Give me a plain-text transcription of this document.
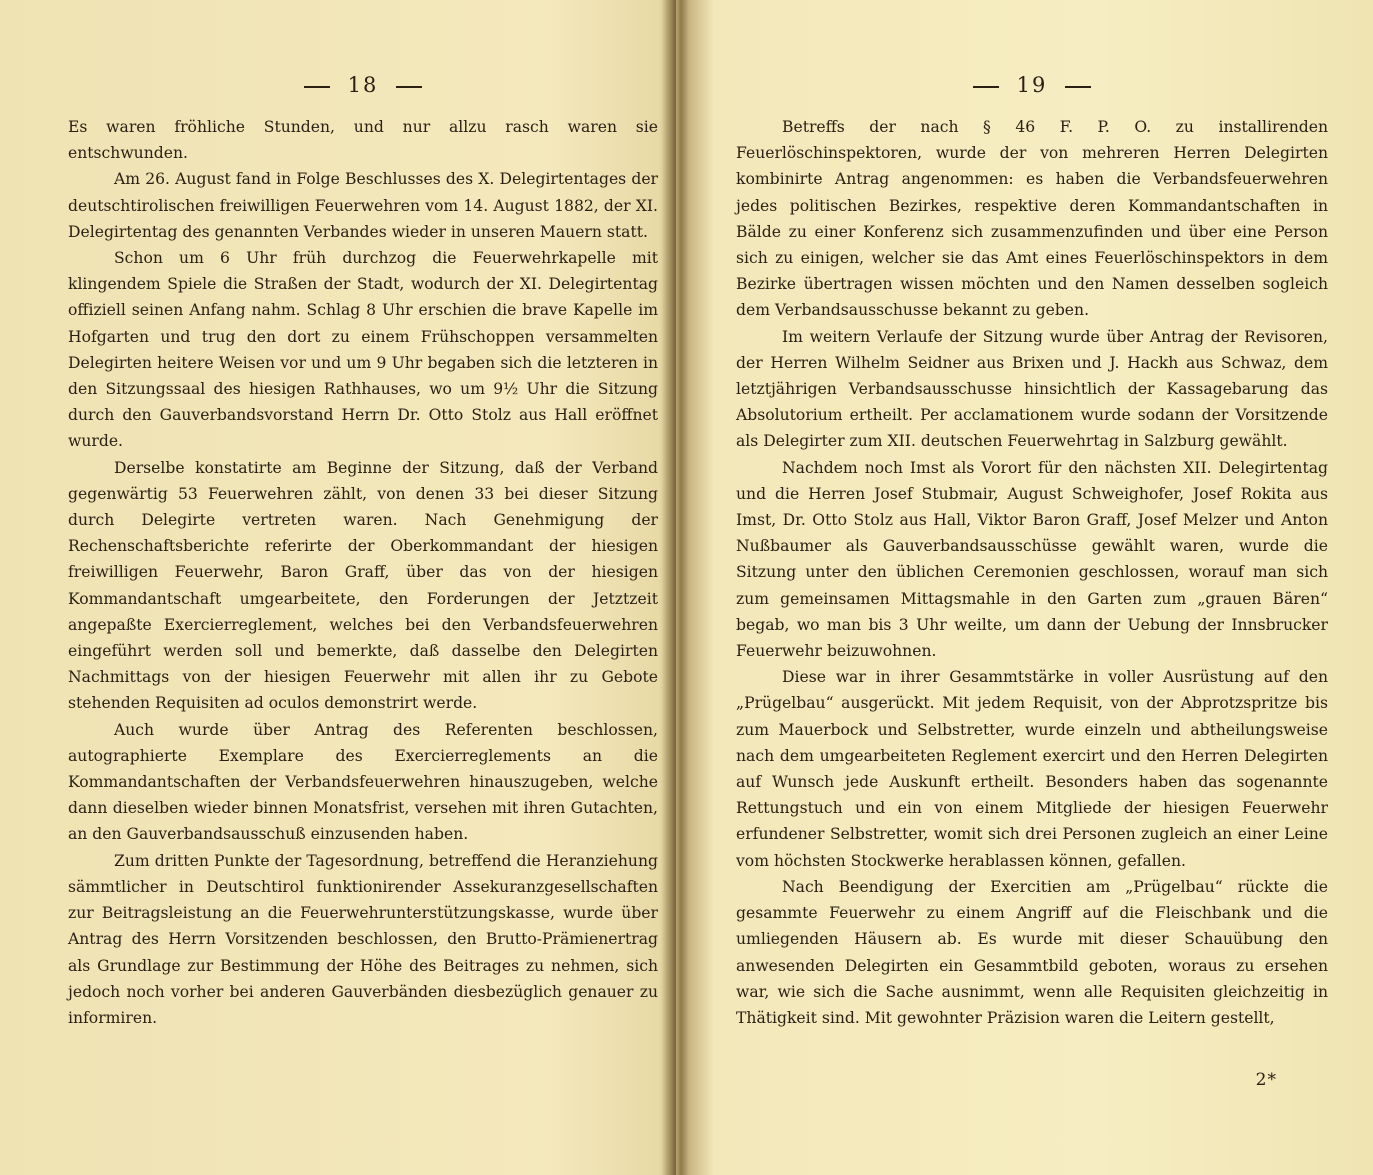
18

Es waren fröhliche Stunden, und nur allzu rasch waren sie entschwunden.

Am 26. August fand in Folge Beschlusses des X. Delegirtentages der deutschtirolischen freiwilligen Feuerwehren vom 14. August 1882, der XI. Delegirtentag des genannten Verbandes wieder in unseren Mauern statt.

Schon um 6 Uhr früh durchzog die Feuerwehrkapelle mit klingendem Spiele die Straßen der Stadt, wodurch der XI. Delegirtentag offiziell seinen Anfang nahm. Schlag 8 Uhr erschien die brave Kapelle im Hofgarten und trug den dort zu einem Frühschoppen versammelten Delegirten heitere Weisen vor und um 9 Uhr begaben sich die letzteren in den Sitzungssaal des hiesigen Rathhauses, wo um 9½ Uhr die Sitzung durch den Gauverbandsvorstand Herrn Dr. Otto Stolz aus Hall eröffnet wurde.

Derselbe konstatirte am Beginne der Sitzung, daß der Verband gegenwärtig 53 Feuerwehren zählt, von denen 33 bei dieser Sitzung durch Delegirte vertreten waren. Nach Genehmigung der Rechenschaftsberichte referirte der Oberkommandant der hiesigen freiwilligen Feuerwehr, Baron Graff, über das von der hiesigen Kommandantschaft umgearbeitete, den Forderungen der Jetztzeit angepaßte Exercierreglement, welches bei den Verbandsfeuerwehren eingeführt werden soll und bemerkte, daß dasselbe den Delegirten Nachmittags von der hiesigen Feuerwehr mit allen ihr zu Gebote stehenden Requisiten ad oculos demonstrirt werde.

Auch wurde über Antrag des Referenten beschlossen, autographierte Exemplare des Exercierreglements an die Kommandantschaften der Verbandsfeuerwehren hinauszugeben, welche dann dieselben wieder binnen Monatsfrist, versehen mit ihren Gutachten, an den Gauverbandsausschuß einzusenden haben.

Zum dritten Punkte der Tagesordnung, betreffend die Heranziehung sämmtlicher in Deutschtirol funktionirender Assekuranzgesellschaften zur Beitragsleistung an die Feuerwehrunterstützungskasse, wurde über Antrag des Herrn Vorsitzenden beschlossen, den Brutto-Prämienertrag als Grundlage zur Bestimmung der Höhe des Beitrages zu nehmen, sich jedoch noch vorher bei anderen Gauverbänden diesbezüglich genauer zu informiren.

19

Betreffs der nach § 46 F. P. O. zu installirenden Feuerlöschinspektoren, wurde der von mehreren Herren Delegirten kombinirte Antrag angenommen: es haben die Verbandsfeuerwehren jedes politischen Bezirkes, respektive deren Kommandantschaften in Bälde zu einer Konferenz sich zusammenzufinden und über eine Person sich zu einigen, welcher sie das Amt eines Feuerlöschinspektors in dem Bezirke übertragen wissen möchten und den Namen desselben sogleich dem Verbandsausschusse bekannt zu geben.

Im weitern Verlaufe der Sitzung wurde über Antrag der Revisoren, der Herren Wilhelm Seidner aus Brixen und J. Hackh aus Schwaz, dem letztjährigen Verbandsausschusse hinsichtlich der Kassagebarung das Absolutorium ertheilt. Per acclamationem wurde sodann der Vorsitzende als Delegirter zum XII. deutschen Feuerwehrtag in Salzburg gewählt.

Nachdem noch Imst als Vorort für den nächsten XII. Delegirtentag und die Herren Josef Stubmair, August Schweighofer, Josef Rokita aus Imst, Dr. Otto Stolz aus Hall, Viktor Baron Graff, Josef Melzer und Anton Nußbaumer als Gauverbandsausschüsse gewählt waren, wurde die Sitzung unter den üblichen Ceremonien geschlossen, worauf man sich zum gemeinsamen Mittagsmahle in den Garten zum „grauen Bären“ begab, wo man bis 3 Uhr weilte, um dann der Uebung der Innsbrucker Feuerwehr beizuwohnen.

Diese war in ihrer Gesammtstärke in voller Ausrüstung auf den „Prügelbau“ ausgerückt. Mit jedem Requisit, von der Abprotzspritze bis zum Mauerbock und Selbstretter, wurde einzeln und abtheilungsweise nach dem umgearbeiteten Reglement exercirt und den Herren Delegirten auf Wunsch jede Auskunft ertheilt. Besonders haben das sogenannte Rettungstuch und ein von einem Mitgliede der hiesigen Feuerwehr erfundener Selbstretter, womit sich drei Personen zugleich an einer Leine vom höchsten Stockwerke herablassen können, gefallen.

Nach Beendigung der Exercitien am „Prügelbau“ rückte die gesammte Feuerwehr zu einem Angriff auf die Fleischbank und die umliegenden Häusern ab. Es wurde mit dieser Schauübung den anwesenden Delegirten ein Gesammtbild geboten, woraus zu ersehen war, wie sich die Sache ausnimmt, wenn alle Requisiten gleichzeitig in Thätigkeit sind. Mit gewohnter Präzision waren die Leitern gestellt,

2*
